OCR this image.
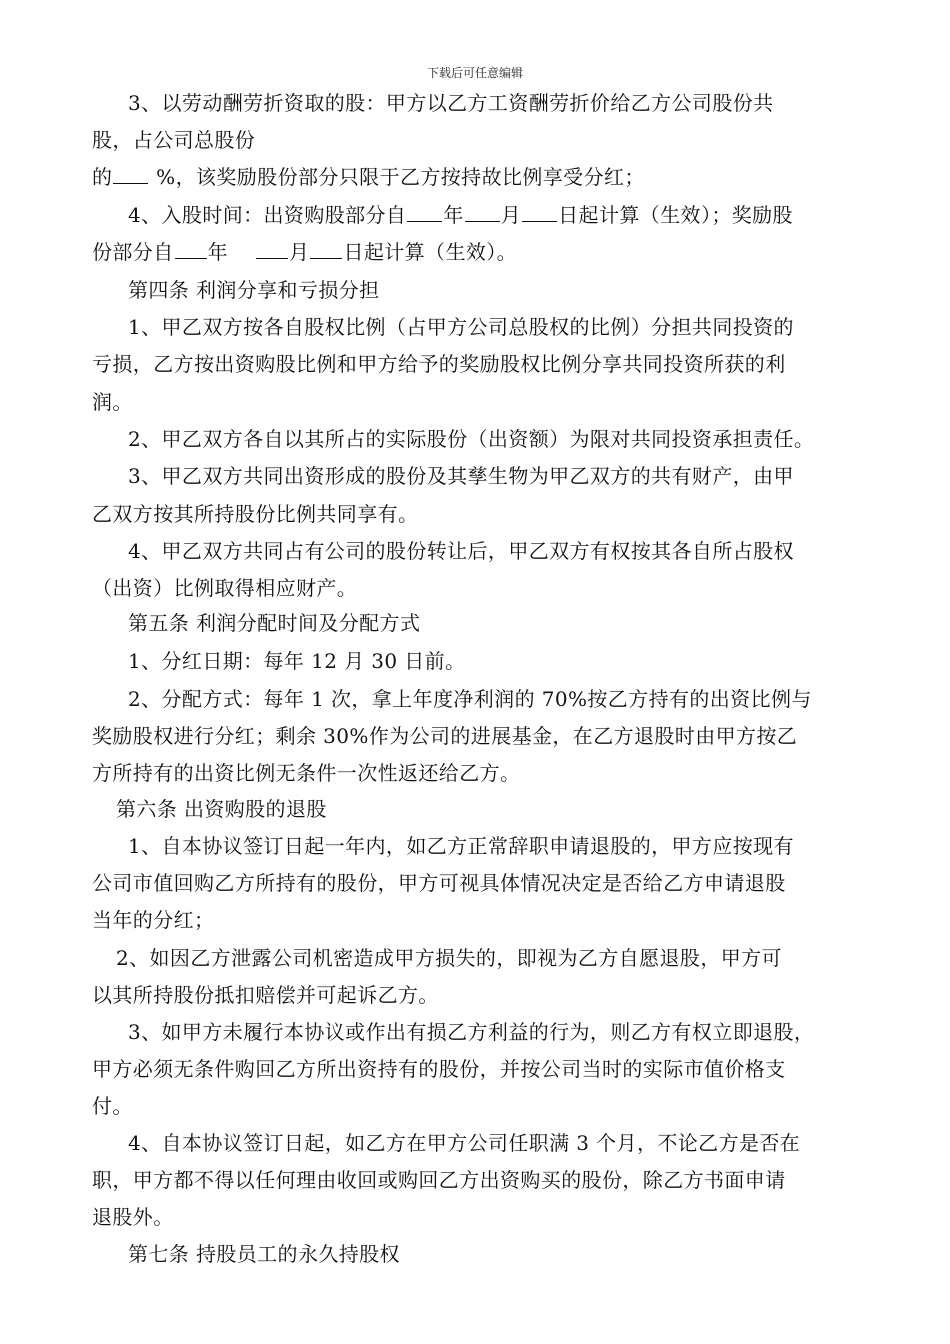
下载后可任意编辑
3、以劳动酬劳折资取的股：甲方以乙方工资酬劳折价给乙方公司股份共
股，占公司总股份
的 %，该奖励股份部分只限于乙方按持故比例享受分红；
4、入股时间：出资购股部分自 年 月 日起计算（生效）；奖励股
份部分自 年	月 日起计算（生效）。
第四条 利润分享和亏损分担
1、甲乙双方按各自股权比例（占甲方公司总股权的比例）分担共同投资的
亏损，乙方按出资购股比例和甲方给予的奖励股权比例分享共同投资所获的利
润。
2、甲乙双方各自以其所占的实际股份（出资额）为限对共同投资承担责任。
3、甲乙双方共同出资形成的股份及其孳生物为甲乙双方的共有财产，由甲
乙双方按其所持股份比例共同享有。
4、甲乙双方共同占有公司的股份转让后，甲乙双方有权按其各自所占股权
（出资）比例取得相应财产。
第五条 利润分配时间及分配方式
1、分红日期：每年 12 月 30 日前。
2、分配方式：每年 1 次，拿上年度净利润的 70%按乙方持有的出资比例与
奖励股权进行分红；剩余 30%作为公司的进展基金，在乙方退股时由甲方按乙
方所持有的出资比例无条件一次性返还给乙方。
第六条 出资购股的退股
1、自本协议签订日起一年内，如乙方正常辞职申请退股的，甲方应按现有
公司市值回购乙方所持有的股份，甲方可视具体情况决定是否给乙方申请退股
当年的分红；
2、如因乙方泄露公司机密造成甲方损失的，即视为乙方自愿退股，甲方可
以其所持股份抵扣赔偿并可起诉乙方。
3、如甲方未履行本协议或作出有损乙方利益的行为，则乙方有权立即退股，
甲方必须无条件购回乙方所出资持有的股份，并按公司当时的实际市值价格支
付。
4、自本协议签订日起，如乙方在甲方公司任职满 3 个月，不论乙方是否在
职，甲方都不得以任何理由收回或购回乙方出资购买的股份，除乙方书面申请
退股外。
第七条 持股员工的永久持股权
